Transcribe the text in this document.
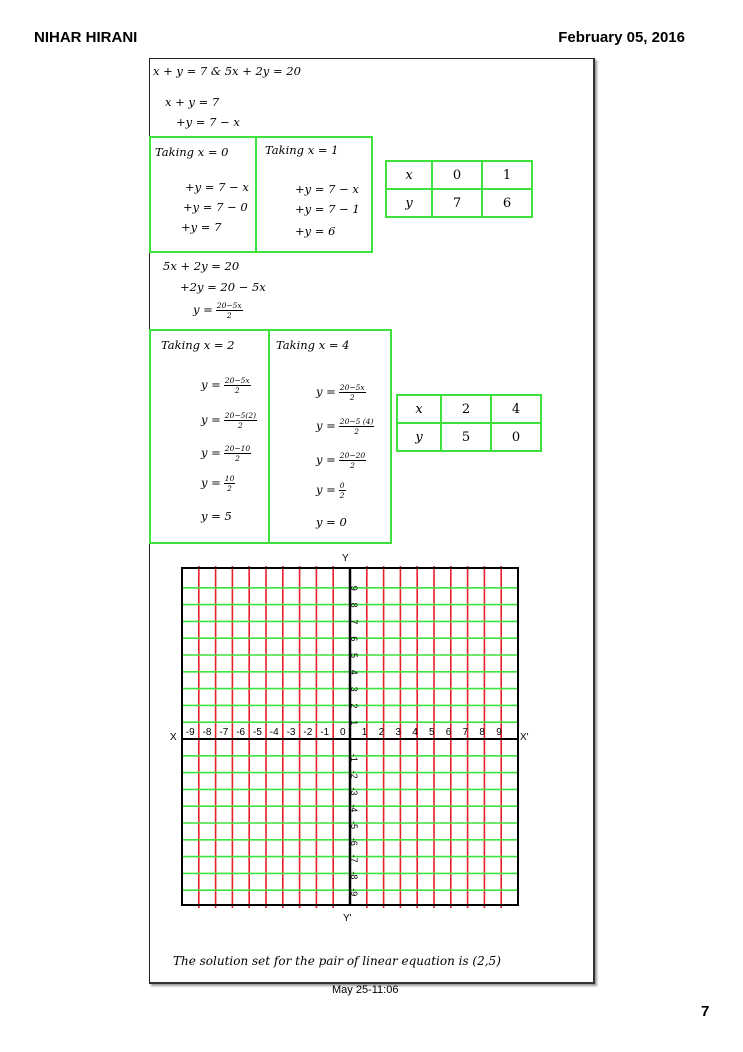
NIHAR HIRANI	February 05, 2016
x + y = 7 & 5x + 2y = 20
x + y = 7
+y = 7 − x
Taking x = 0
+y = 7 − x
+y = 7 − 0
+y = 7
Taking x = 1
+y = 7 − x
+y = 7 − 1
+y = 6
x	0	1
y	7	6
5x + 2y = 20
+2y = 20 − 5x
$y = \frac{20-5x}{2}$
Taking x = 2
$y = \frac{20-5x}{2}$
$y = \frac{20-5(2)}{2}$
$y = \frac{20-10}{2}$
$y = \frac{10}{2}$
y = 5
Taking x = 4
$y = \frac{20-5x}{2}$
$y = \frac{20-5 (4)}{2}$
$y = \frac{20-20}{2}$
$y = \frac{0}{2}$
y = 0
x	2	4
y	5	0
The solution set for the pair of linear equation is (2,5)
-9 -8 -7 -6 -5 -4 -3 -2 -1 0 1 2 3 4 5 6 7 8 9
9
8
7
6
5
4
3
2
1
-1
-2
-3
-4
-5
-6
-7
-8
-9
X	X'
Y
Y'
May 25-11:06
7
